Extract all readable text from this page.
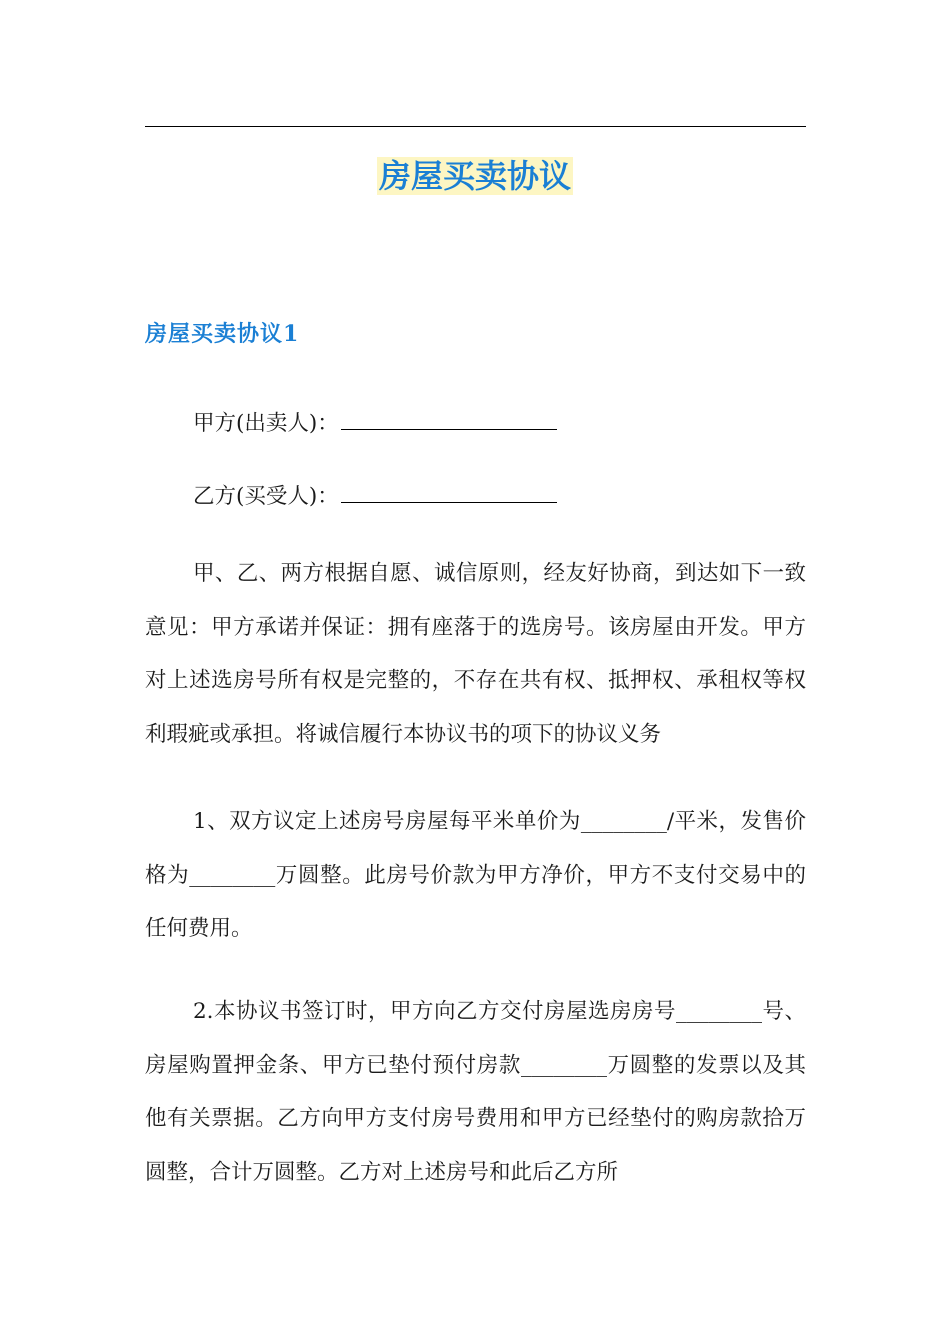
房屋买卖协议
房屋买卖协议1
甲方(出卖人)：
乙方(买受人)：

甲、乙、两方根据自愿、诚信原则，经友好协商，到达如下一致意见：甲方承诺并保证：拥有座落于的选房号。该房屋由开发。甲方对上述选房号所有权是完整的，不存在共有权、抵押权、承租权等权利瑕疵或承担。将诚信履行本协议书的项下的协议义务

1、双方议定上述房号房屋每平米单价为________/平米，发售价格为________万圆整。此房号价款为甲方净价，甲方不支付交易中的任何费用。

2.本协议书签订时，甲方向乙方交付房屋选房房号________号、房屋购置押金条、甲方已垫付预付房款________万圆整的发票以及其他有关票据。乙方向甲方支付房号费用和甲方已经垫付的购房款拾万圆整，合计万圆整。乙方对上述房号和此后乙方所
